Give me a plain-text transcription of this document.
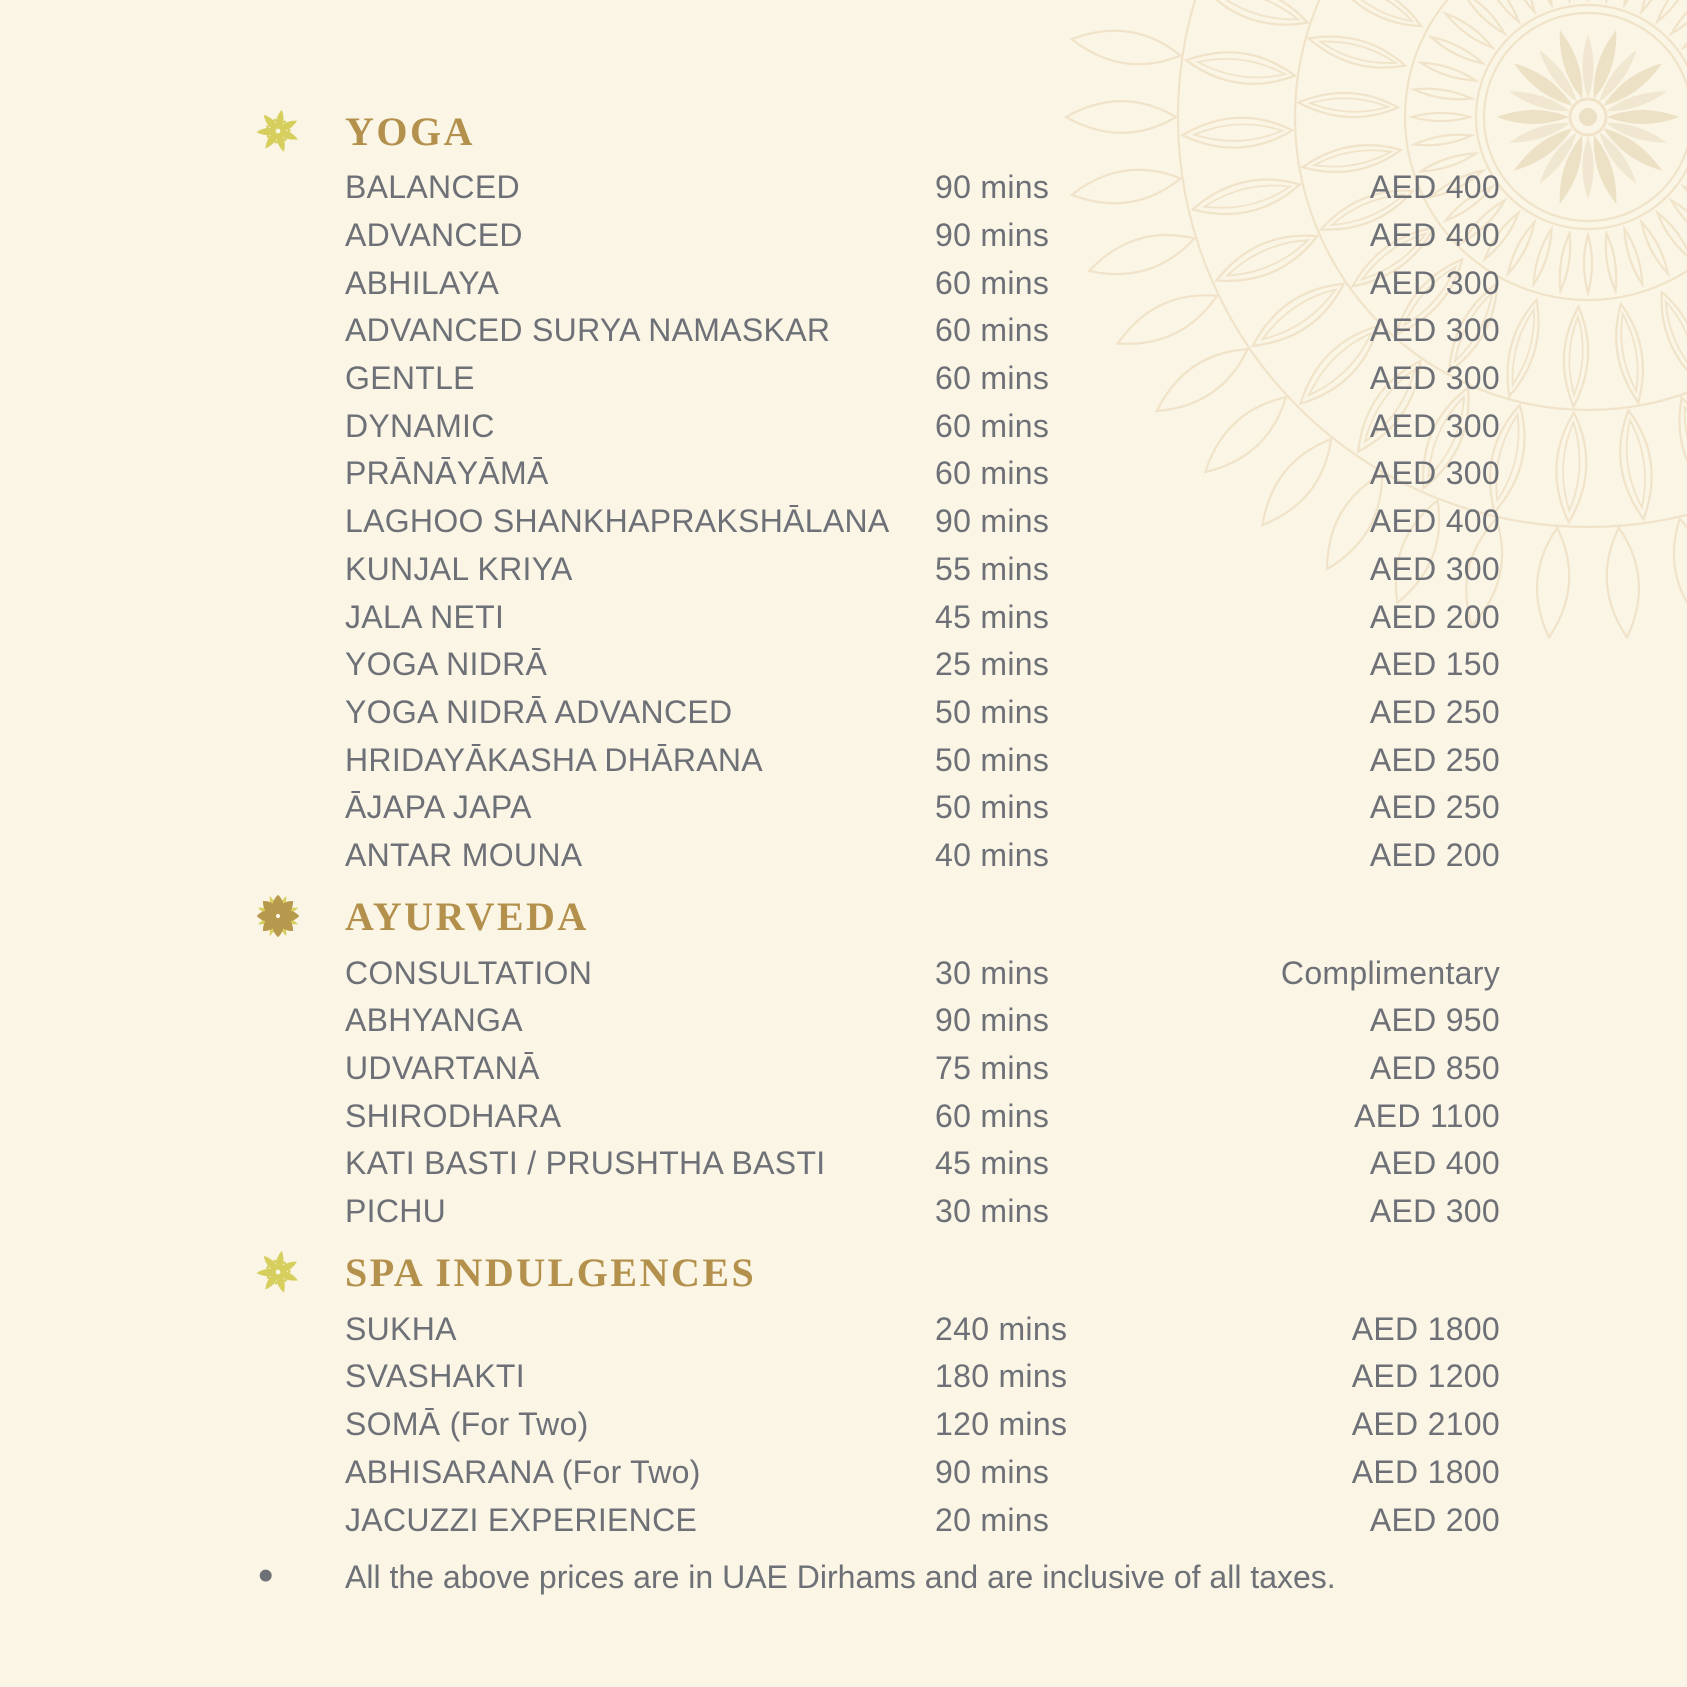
YOGA
BALANCED	90 mins	AED 400
ADVANCED	90 mins	AED 400
ABHILAYA	60 mins	AED 300
ADVANCED SURYA NAMASKAR	60 mins	AED 300
GENTLE	60 mins	AED 300
DYNAMIC	60 mins	AED 300
PRĀNĀYĀMĀ	60 mins	AED 300
LAGHOO SHANKHAPRAKSHĀLANA	90 mins	AED 400
KUNJAL KRIYA	55 mins	AED 300
JALA NETI	45 mins	AED 200
YOGA NIDRĀ	25 mins	AED 150
YOGA NIDRĀ ADVANCED	50 mins	AED 250
HRIDAYĀKASHA DHĀRANA	50 mins	AED 250
ĀJAPA JAPA	50 mins	AED 250
ANTAR MOUNA	40 mins	AED 200
AYURVEDA
CONSULTATION	30 mins	Complimentary
ABHYANGA	90 mins	AED 950
UDVARTANĀ	75 mins	AED 850
SHIRODHARA	60 mins	AED 1100
KATI BASTI / PRUSHTHA BASTI	45 mins	AED 400
PICHU	30 mins	AED 300
SPA INDULGENCES
SUKHA	240 mins	AED 1800
SVASHAKTI	180 mins	AED 1200
SOMĀ (For Two)	120 mins	AED 2100
ABHISARANA (For Two)	90 mins	AED 1800
JACUZZI EXPERIENCE	20 mins	AED 200
• All the above prices are in UAE Dirhams and are inclusive of all taxes.
